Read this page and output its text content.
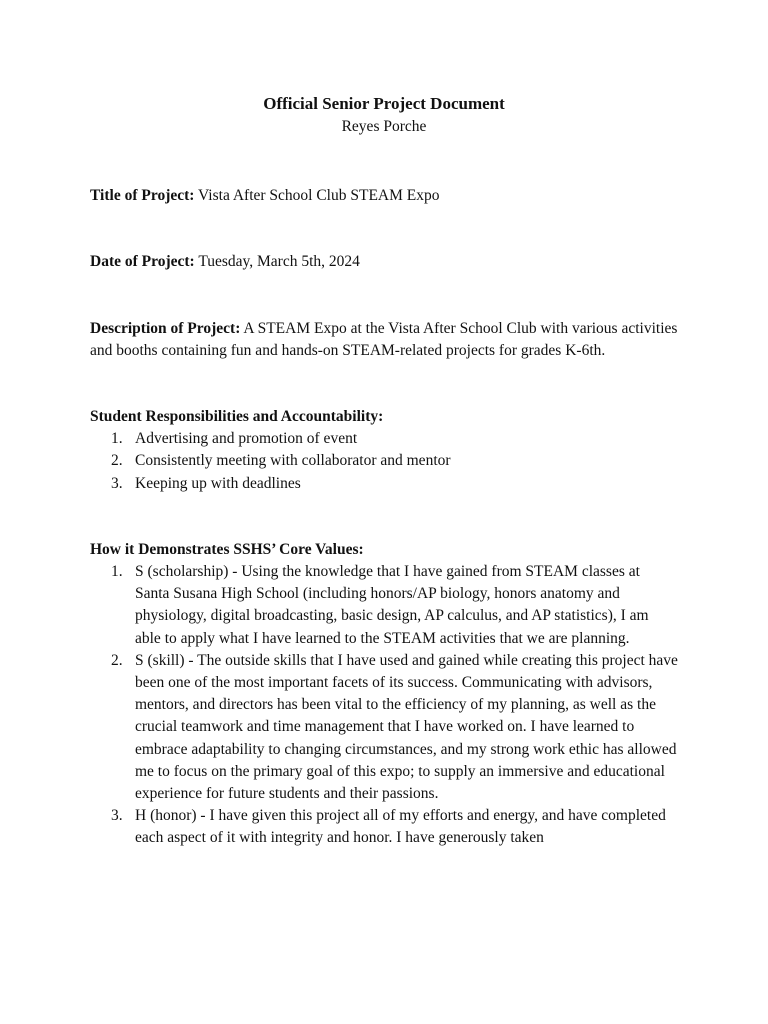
Official Senior Project Document

Reyes Porche

Title of Project: Vista After School Club STEAM Expo

Date of Project: Tuesday, March 5th, 2024

Description of Project: A STEAM Expo at the Vista After School Club with various activities and booths containing fun and hands-on STEAM-related projects for grades K-6th.

Student Responsibilities and Accountability:

1. Advertising and promotion of event
2. Consistently meeting with collaborator and mentor
3. Keeping up with deadlines

How it Demonstrates SSHS’ Core Values:

1. S (scholarship) - Using the knowledge that I have gained from STEAM classes at Santa Susana High School (including honors/AP biology, honors anatomy and physiology, digital broadcasting, basic design, AP calculus, and AP statistics), I am able to apply what I have learned to the STEAM activities that we are planning.
2. S (skill) - The outside skills that I have used and gained while creating this project have been one of the most important facets of its success. Communicating with advisors, mentors, and directors has been vital to the efficiency of my planning, as well as the crucial teamwork and time management that I have worked on. I have learned to embrace adaptability to changing circumstances, and my strong work ethic has allowed me to focus on the primary goal of this expo; to supply an immersive and educational experience for future students and their passions.
3. H (honor) - I have given this project all of my efforts and energy, and have completed each aspect of it with integrity and honor. I have generously taken
